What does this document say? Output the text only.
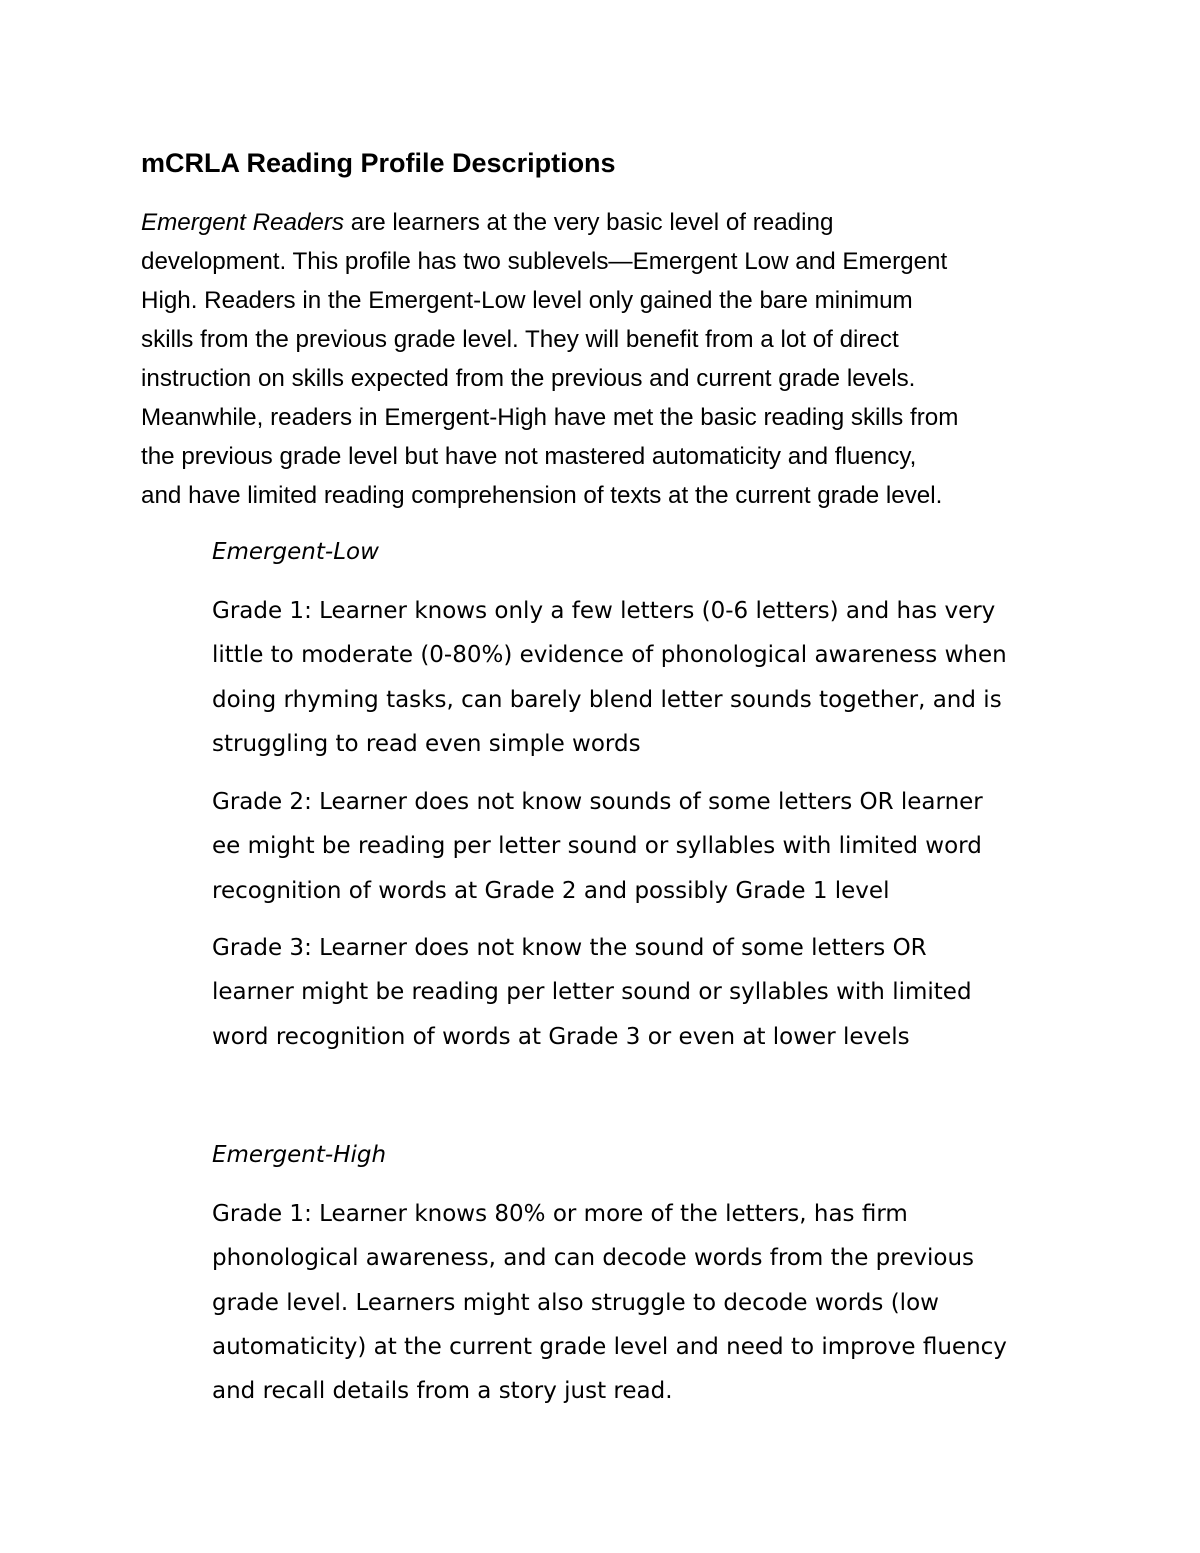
mCRLA Reading Profile Descriptions

Emergent Readers are learners at the very basic level of reading
development. This profile has two sublevels—Emergent Low and Emergent
High. Readers in the Emergent-Low level only gained the bare minimum
skills from the previous grade level. They will benefit from a lot of direct
instruction on skills expected from the previous and current grade levels.
Meanwhile, readers in Emergent-High have met the basic reading skills from
the previous grade level but have not mastered automaticity and fluency,
and have limited reading comprehension of texts at the current grade level.

Emergent-Low

Grade 1: Learner knows only a few letters (0-6 letters) and has very
little to moderate (0-80%) evidence of phonological awareness when
doing rhyming tasks, can barely blend letter sounds together, and is
struggling to read even simple words

Grade 2: Learner does not know sounds of some letters OR learner
ee might be reading per letter sound or syllables with limited word
recognition of words at Grade 2 and possibly Grade 1 level

Grade 3: Learner does not know the sound of some letters OR
learner might be reading per letter sound or syllables with limited
word recognition of words at Grade 3 or even at lower levels

Emergent-High

Grade 1: Learner knows 80% or more of the letters, has firm
phonological awareness, and can decode words from the previous
grade level. Learners might also struggle to decode words (low
automaticity) at the current grade level and need to improve fluency
and recall details from a story just read.
